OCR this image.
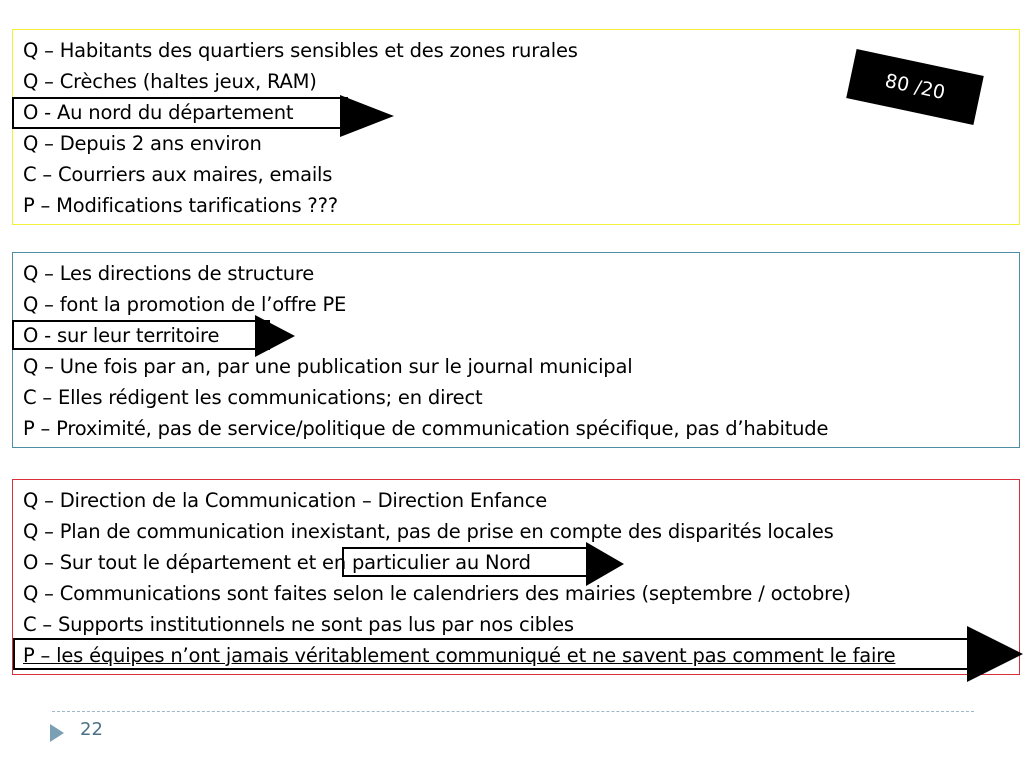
Q – Habitants des quartiers sensibles et des zones rurales
Q – Crèches (haltes jeux, RAM)
O - Au nord du département
Q – Depuis 2 ans environ
C – Courriers aux maires, emails
P – Modifications tarifications ???
Q – Les directions de structure
Q – font la promotion de l’offre PE
O - sur leur territoire
Q – Une fois par an, par une publication sur le journal municipal
C – Elles rédigent les communications; en direct
P – Proximité, pas de service/politique de communication spécifique, pas d’habitude
Q – Direction de la Communication – Direction Enfance
Q – Plan de communication inexistant, pas de prise en compte des disparités locales
O – Sur tout le département et en particulier au Nord
Q – Communications sont faites selon le calendriers des mairies (septembre / octobre)
C – Supports institutionnels ne sont pas lus par nos cibles
P – les équipes n’ont jamais véritablement communiqué et ne savent pas comment le faire
80 /20
22
